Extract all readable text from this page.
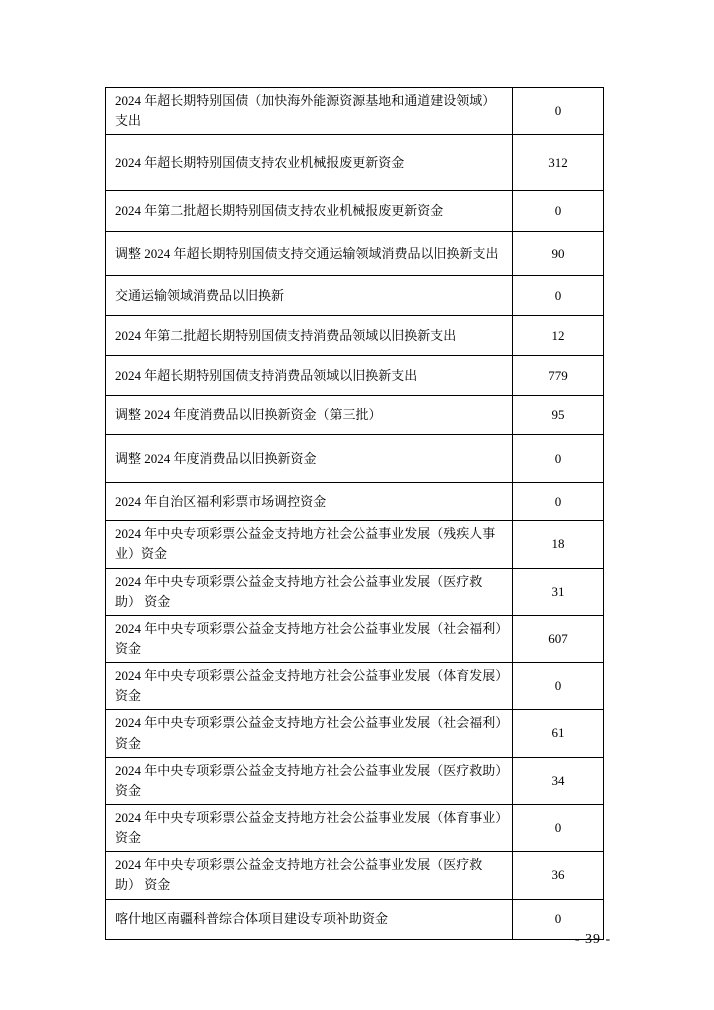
2024 年超长期特别国债（加快海外能源资源基地和通道建设领域）支出	0
2024 年超长期特别国债支持农业机械报废更新资金	312
2024 年第二批超长期特别国债支持农业机械报废更新资金	0
调整 2024 年超长期特别国债支持交通运输领域消费品以旧换新支出	90
交通运输领域消费品以旧换新	0
2024 年第二批超长期特别国债支持消费品领域以旧换新支出	12
2024 年超长期特别国债支持消费品领域以旧换新支出	779
调整 2024 年度消费品以旧换新资金（第三批）	95
调整 2024 年度消费品以旧换新资金	0
2024 年自治区福利彩票市场调控资金	0
2024 年中央专项彩票公益金支持地方社会公益事业发展（残疾人事业）资金	18
2024 年中央专项彩票公益金支持地方社会公益事业发展（医疗救助） 资金	31
2024 年中央专项彩票公益金支持地方社会公益事业发展（社会福利）资金	607
2024 年中央专项彩票公益金支持地方社会公益事业发展（体育发展）资金	0
2024 年中央专项彩票公益金支持地方社会公益事业发展（社会福利）资金	61
2024 年中央专项彩票公益金支持地方社会公益事业发展（医疗救助）资金	34
2024 年中央专项彩票公益金支持地方社会公益事业发展（体育事业）资金	0
2024 年中央专项彩票公益金支持地方社会公益事业发展（医疗救助） 资金	36
喀什地区南疆科普综合体项目建设专项补助资金	0
- 39 -
